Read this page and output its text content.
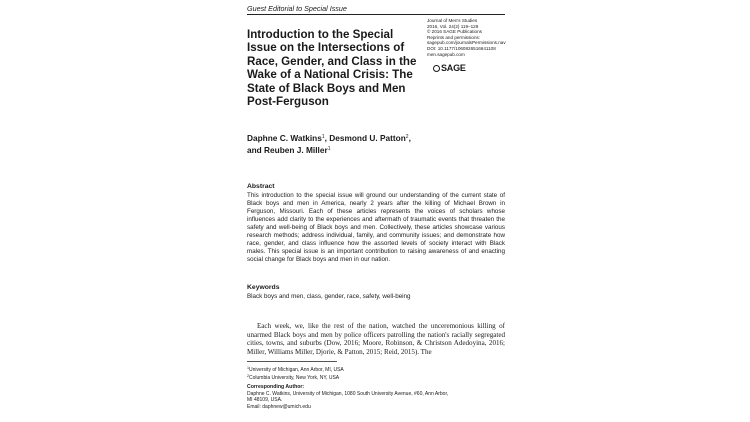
Guest Editorial to Special Issue
Introduction to the Special Issue on the Intersections of Race, Gender, and Class in the Wake of a National Crisis: The State of Black Boys and Men Post-Ferguson
Journal of Men's Studies
2016, Vol. 24(2) 119–129
© 2016 SAGE Publications
Reprints and permissions:
sagepub.com/journalsPermissions.nav
DOI: 10.1177/1060826516641108
men.sagepub.com
SAGE
Daphne C. Watkins$^1$, Desmond U. Patton$^2$,
and Reuben J. Miller$^1$
Abstract

This introduction to the special issue will ground our understanding of the current state of Black boys and men in America, nearly 2 years after the killing of Michael Brown in Ferguson, Missouri. Each of these articles represents the voices of scholars whose influences add clarity to the experiences and aftermath of traumatic events that threaten the safety and well-being of Black boys and men. Collectively, these articles showcase various research methods; address individual, family, and community issues; and demonstrate how race, gender, and class influence how the assorted levels of society interact with Black males. This special issue is an important contribution to raising awareness of and enacting social change for Black boys and men in our nation.

Keywords
Black boys and men, class, gender, race, safety, well-being

Each week, we, like the rest of the nation, watched the unceremonious killing of unarmed Black boys and men by police officers patrolling the nation's racially segregated cities, towns, and suburbs (Dow, 2016; Moore, Robinson, & Christson Adedoyina, 2016; Miller, Williams Miller, Djorie, & Patton, 2015; Reid, 2015). The

$^1$University of Michigan, Ann Arbor, MI, USA
$^2$Columbia University, New York, NY, USA
Corresponding Author:
Daphne C. Watkins, University of Michigan, 1080 South University Avenue, #60, Ann Arbor,
MI 48109, USA.
Email: daphnew@umich.edu
